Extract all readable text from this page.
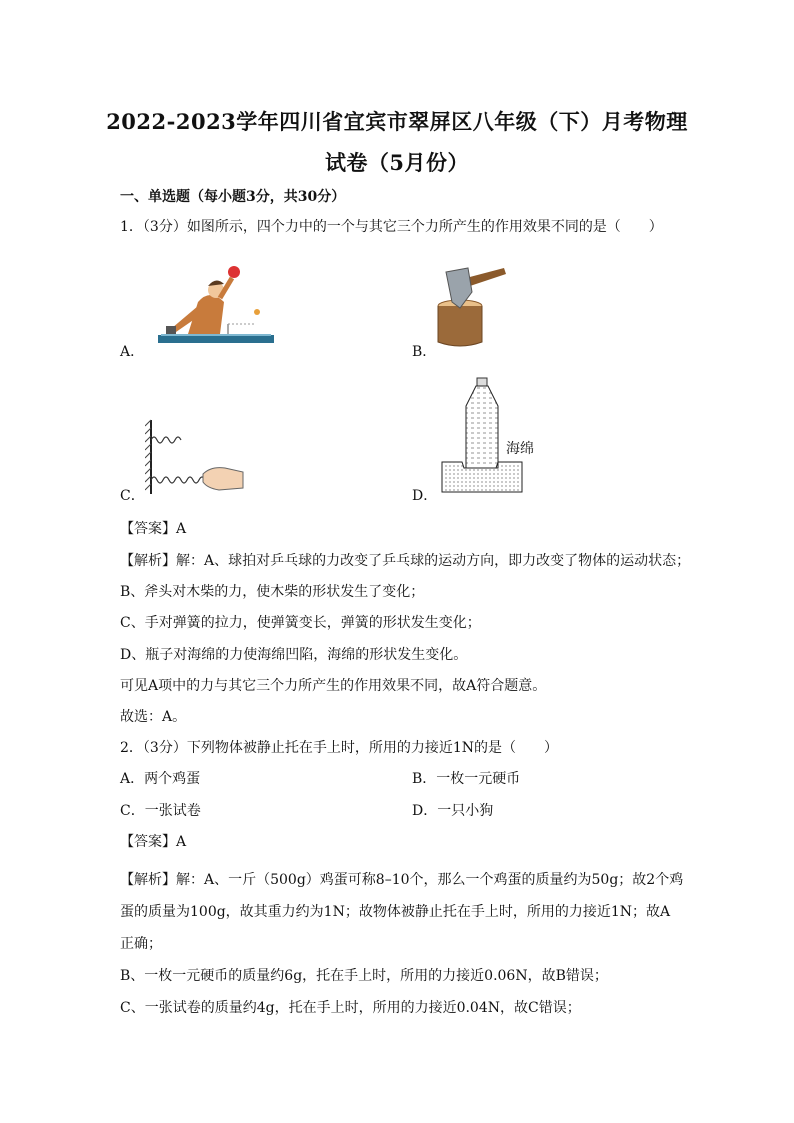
2022-2023学年四川省宜宾市翠屏区八年级（下）月考物理
试卷（5月份）
一、单选题（每小题3分，共30分）
1．（3分）如图所示，四个力中的一个与其它三个力所产生的作用效果不同的是（　　）
A．	B．
C．	D．
海绵
【答案】A
【解析】解：A、球拍对乒乓球的力改变了乒乓球的运动方向，即力改变了物体的运动状态；
B、斧头对木柴的力，使木柴的形状发生了变化；
C、手对弹簧的拉力，使弹簧变长，弹簧的形状发生变化；
D、瓶子对海绵的力使海绵凹陷，海绵的形状发生变化。
可见A项中的力与其它三个力所产生的作用效果不同，故A符合题意。
故选：A。
2．（3分）下列物体被静止托在手上时，所用的力接近1N的是（　　）
A．两个鸡蛋	B．一枚一元硬币
C．一张试卷	D．一只小狗
【答案】A
【解析】解：A、一斤（500g）鸡蛋可称8–10个，那么一个鸡蛋的质量约为50g；故2个鸡
蛋的质量为100g，故其重力约为1N；故物体被静止托在手上时，所用的力接近1N；故A
正确；
B、一枚一元硬币的质量约6g，托在手上时，所用的力接近0.06N，故B错误；
C、一张试卷的质量约4g，托在手上时，所用的力接近0.04N，故C错误；
